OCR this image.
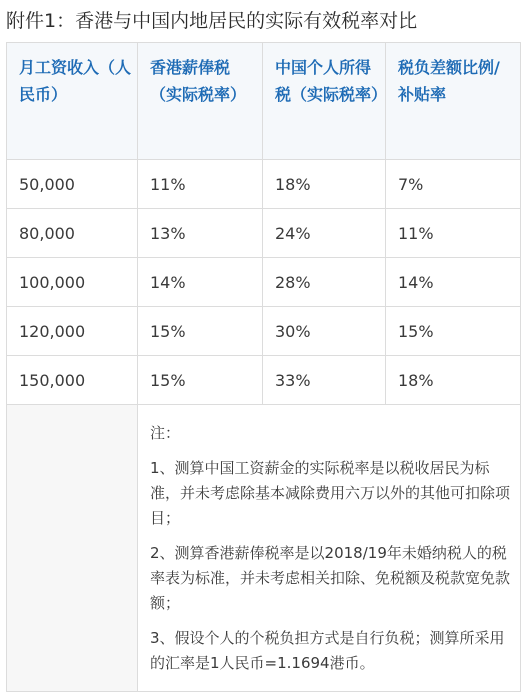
附件1：香港与中国内地居民的实际有效税率对比
月工资收入（人民币）	香港薪俸税（实际税率）	中国个人所得税（实际税率）	税负差额比例/补贴率
50,000	11%	18%	7%
80,000	13%	24%	11%
100,000	14%	28%	14%
120,000	15%	30%	15%
150,000	15%	33%	18%

	注：

1、测算中国工资薪金的实际税率是以税收居民为标准，并未考虑除基本减除费用六万以外的其他可扣除项目；

2、测算香港薪俸税率是以2018/19年未婚纳税人的税率表为标准，并未考虑相关扣除、免税额及税款宽免款额；

3、假设个人的个税负担方式是自行负税；测算所采用的汇率是1人民币=1.1694港币。		
